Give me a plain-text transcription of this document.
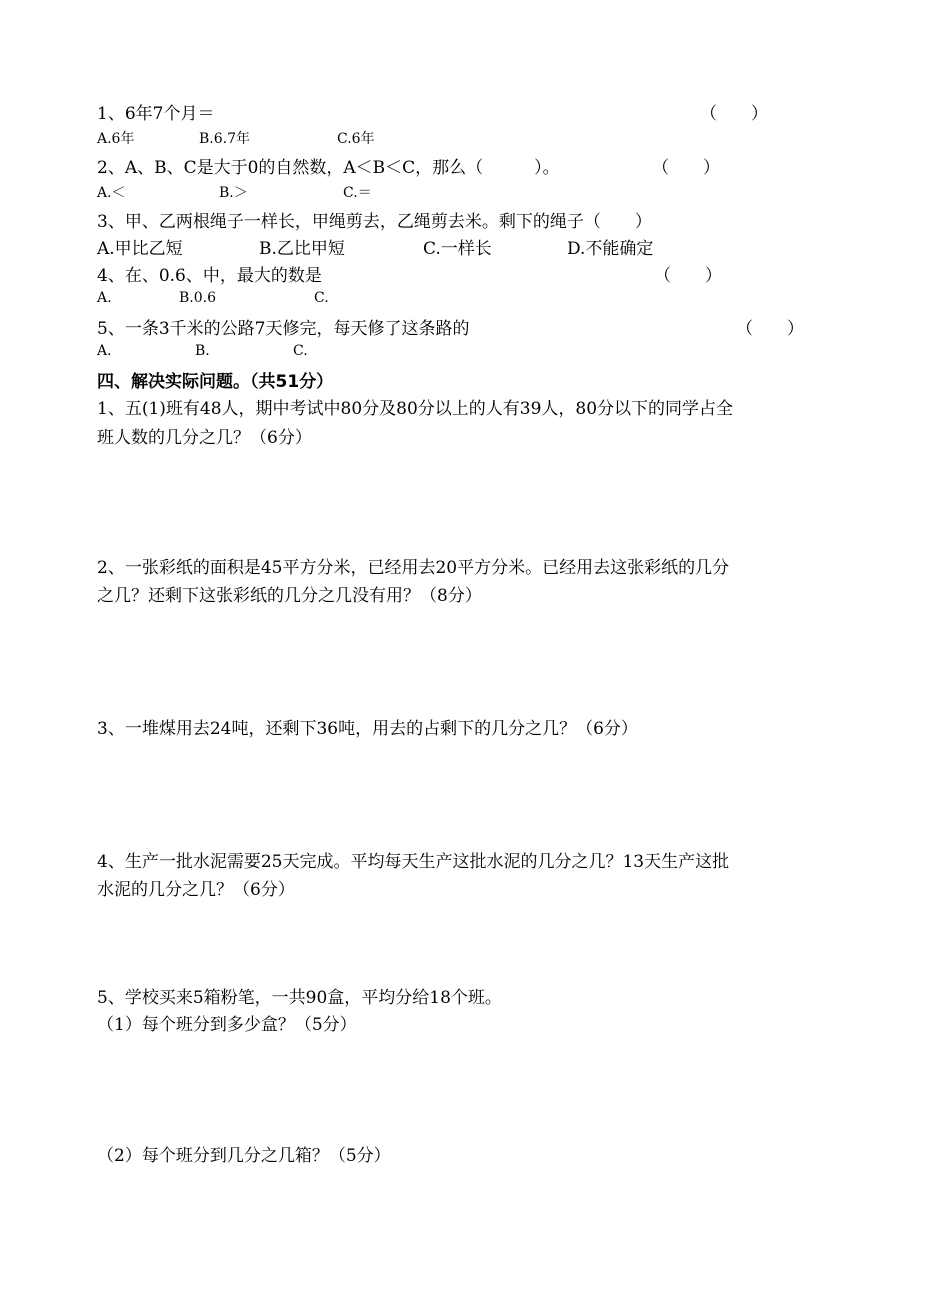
1、6年7个月＝	（　　）
A.6年	B.6.7年	C.6年
2、A、B、C是大于0的自然数，A＜B＜C，那么（　　　）。	（　　）
A.＜	B.＞	C.＝
3、甲、乙两根绳子一样长，甲绳剪去，乙绳剪去米。剩下的绳子（　　）
A.甲比乙短	B.乙比甲短	C.一样长	D.不能确定
4、在、0.6、中，最大的数是	（　　）
A.	B.0.6	C.
5、一条3千米的公路7天修完，每天修了这条路的	（　　）
A.	B.	C.
四、解决实际问题。（共51分）
1、五(1)班有48人，期中考试中80分及80分以上的人有39人，80分以下的同学占全
班人数的几分之几？（6分）
2、一张彩纸的面积是45平方分米，已经用去20平方分米。已经用去这张彩纸的几分
之几？还剩下这张彩纸的几分之几没有用？（8分）
3、一堆煤用去24吨，还剩下36吨，用去的占剩下的几分之几？（6分）
4、生产一批水泥需要25天完成。平均每天生产这批水泥的几分之几？13天生产这批
水泥的几分之几？（6分）
5、学校买来5箱粉笔，一共90盒，平均分给18个班。
（1）每个班分到多少盒？（5分）
（2）每个班分到几分之几箱？（5分）
